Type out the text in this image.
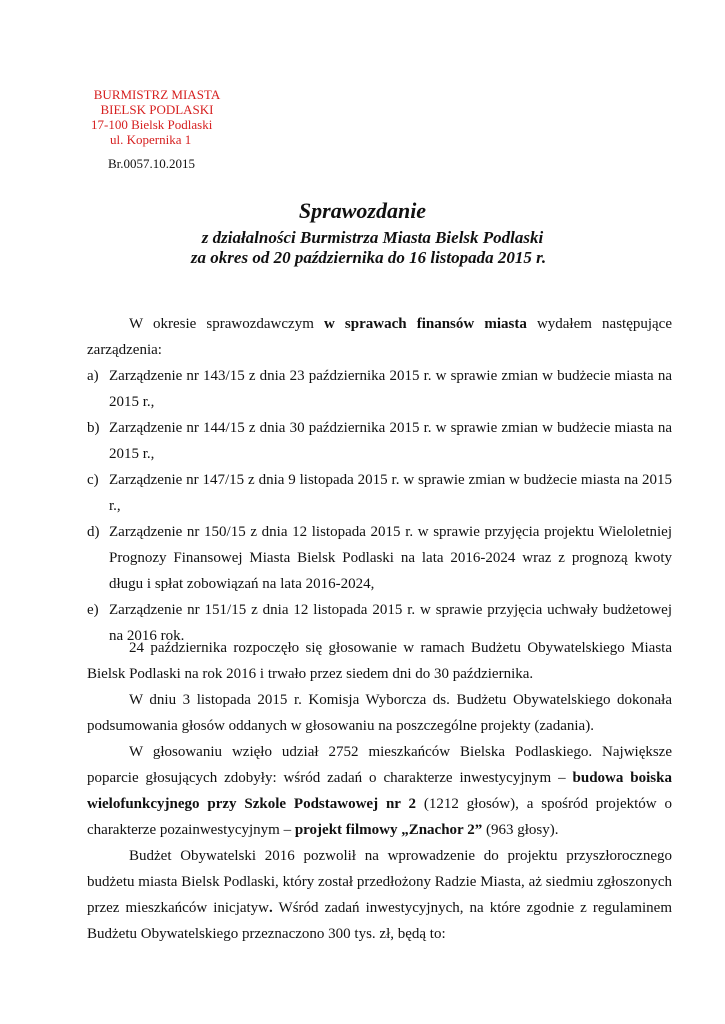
BURMISTRZ MIASTA
BIELSK PODLASKI
17-100 Bielsk Podlaski
ul. Kopernika 1
Br.0057.10.2015
Sprawozdanie
z działalności Burmistrza Miasta Bielsk Podlaski
za okres od 20 października do 16 listopada 2015 r.

W okresie sprawozdawczym w sprawach finansów miasta wydałem następujące zarządzenia:

a) Zarządzenie nr 143/15 z dnia 23 października 2015 r. w sprawie zmian w budżecie miasta na 2015 r.,
b) Zarządzenie nr 144/15 z dnia 30 października 2015 r. w sprawie zmian w budżecie miasta na 2015 r.,
c) Zarządzenie nr 147/15 z dnia 9 listopada 2015 r. w sprawie zmian w budżecie miasta na 2015 r.,
d) Zarządzenie nr 150/15 z dnia 12 listopada 2015 r. w sprawie przyjęcia projektu Wieloletniej Prognozy Finansowej Miasta Bielsk Podlaski na lata 2016-2024 wraz z prognozą kwoty długu i spłat zobowiązań na lata 2016-2024,
e) Zarządzenie nr 151/15 z dnia 12 listopada 2015 r. w sprawie przyjęcia uchwały budżetowej na 2016 rok.

24 października rozpoczęło się głosowanie w ramach Budżetu Obywatelskiego Miasta Bielsk Podlaski na rok 2016 i trwało przez siedem dni do 30 października.

W dniu 3 listopada 2015 r. Komisja Wyborcza ds. Budżetu Obywatelskiego dokonała podsumowania głosów oddanych w głosowaniu na poszczególne projekty (zadania).

W głosowaniu wzięło udział 2752 mieszkańców Bielska Podlaskiego. Największe poparcie głosujących zdobyły: wśród zadań o charakterze inwestycyjnym – budowa boiska wielofunkcyjnego przy Szkole Podstawowej nr 2 (1212 głosów), a spośród projektów o charakterze pozainwestycyjnym – projekt filmowy „Znachor 2” (963 głosy).

Budżet Obywatelski 2016 pozwolił na wprowadzenie do projektu przyszłorocznego budżetu miasta Bielsk Podlaski, który został przedłożony Radzie Miasta, aż siedmiu zgłoszonych przez mieszkańców inicjatyw. Wśród zadań inwestycyjnych, na które zgodnie z regulaminem Budżetu Obywatelskiego przeznaczono 300 tys. zł, będą to:
